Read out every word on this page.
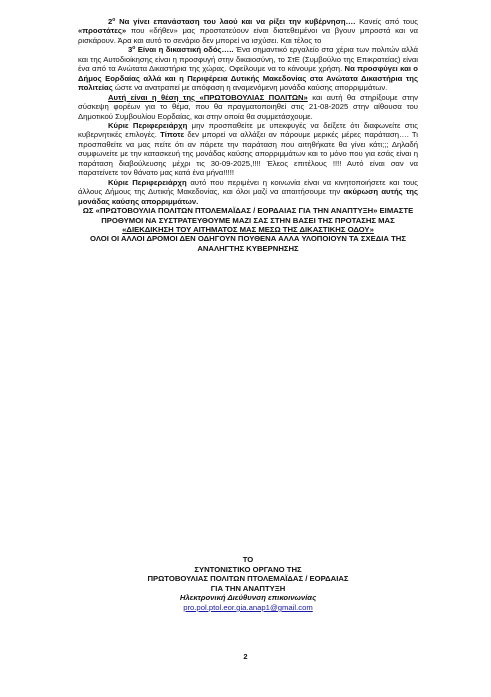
$2^o$ Να γίνει επανάσταση του λαού και να ρίξει την κυβέρνηση…. Κανείς από τους «προστάτες» που «δήθεν» μας προστατεύουν είναι διατεθειμένοι να βγουν μπροστά και να ρισκάρουν. Άρα και αυτό το σενάριο δεν μπορεί να ισχύσει. Και τέλος το

$3^o$ Είναι η δικαστική οδός….. Ένα σημαντικό εργαλείο στα χέρια των πολιτών αλλά και της Αυτοδιοίκησης είναι η προσφυγή στην δικαιοσύνη, το ΣτΕ (Συμβούλιο της Επικρατείας) είναι ένα από τα Ανώτατα Δικαστήρια της χώρας. Οφείλουμε να το κάνουμε χρήση. Να προσφύγει και ο Δήμος Εορδαίας αλλά και η Περιφέρεια Δυτικής Μακεδονίας στα Ανώτατα Δικαστήρια της πολιτείας ώστε να ανατραπεί με απόφαση η αναμενόμενη μονάδα καύσης απορριμμάτων.

Αυτή είναι η θέση της «ΠΡΩΤΟΒΟΥΛΙΑΣ ΠΟΛΙΤΩΝ» και αυτή θα στηρίξουμε στην σύσκεψη φορέων για το θέμα, που θα πραγματοποιηθεί στις 21-08-2025 στην αίθουσα του Δημοτικού Συμβουλίου Εορδαίας, και στην οποία θα συμμετάσχουμε.

Κύριε Περιφερειάρχη μην προσπαθείτε με υπεκφυγές να δείξετε ότι διαφωνείτε στις κυβερνητικές επιλογές. Τίποτε δεν μπορεί να αλλάξει αν πάρουμε μερικές μέρες παράταση…. Τι προσπαθείτε να μας πείτε ότι αν πάρετε την παράταση που αιτηθήκατε θα γίνει κάτι;;; Δηλαδή συμφωνείτε με την κατασκευή της μονάδας καύσης απορριμμάτων και το μόνο που για εσάς είναι η παράταση διαβούλευσης μέχρι τις 30-09-2025,!!!! Έλεος επιτέλους !!!! Αυτό είναι σαν να παρατείνετε τον θάνατο μας κατά ένα μήνα!!!!!

Κύριε Περιφερειάρχη αυτό που περιμένει η κοινωνία είναι να κινητοποιήσετε και τους άλλους Δήμους της Δυτικής Μακεδονίας, και όλοι μαζί να απαιτήσουμε την ακύρωση αυτής της μονάδας καύσης απορριμμάτων.

ΩΣ «ΠΡΩΤΟΒΟΥΛΙΑ ΠΟΛΙΤΩΝ ΠΤΟΛΕΜΑΪΔΑΣ / ΕΟΡΔΑΙΑΣ ΓΙΑ ΤΗΝ ΑΝΑΠΤΥΞΗ» ΕΙΜΑΣΤΕ ΠΡΟΘΥΜΟΙ ΝΑ ΣΥΣΤΡΑΤΕΥΘΟΥΜΕ ΜΑΖΙ ΣΑΣ ΣΤΗΝ ΒΑΣΕΙ ΤΗΣ ΠΡΟΤΑΣΗΣ ΜΑΣ «ΔΙΕΚΔΙΚΗΣΗ ΤΟΥ ΑΙΤΗΜΑΤΟΣ ΜΑΣ ΜΕΣΩ ΤΗΣ ΔΙΚΑΣΤΙΚΗΣ ΟΔΟΥ»

ΟΛΟΙ ΟΙ ΑΛΛΟΙ ΔΡΟΜΟΙ ΔΕΝ ΟΔΗΓΟΥΝ ΠΟΥΘΕΝΑ ΑΛΛΑ ΥΛΟΠΟΙΟΥΝ ΤΑ ΣΧΕΔΙΑ ΤΗΣ ΑΝΑΛΗΓΤΗΣ ΚΥΒΕΡΝΗΣΗΣ

ΤΟ
ΣΥΝΤΟΝΙΣΤΙΚΟ ΟΡΓΑΝΟ ΤΗΣ
ΠΡΩΤΟΒΟΥΛΙΑΣ ΠΟΛΙΤΩΝ ΠΤΟΛΕΜΑΪΔΑΣ / ΕΟΡΔΑΙΑΣ
ΓΙΑ ΤΗΝ ΑΝΑΠΤΥΞΗ
Ηλεκτρονική Διεύθυνση επικοινωνίας
pro.pol.ptol.eor.gia.anap1@gmail.com
2
